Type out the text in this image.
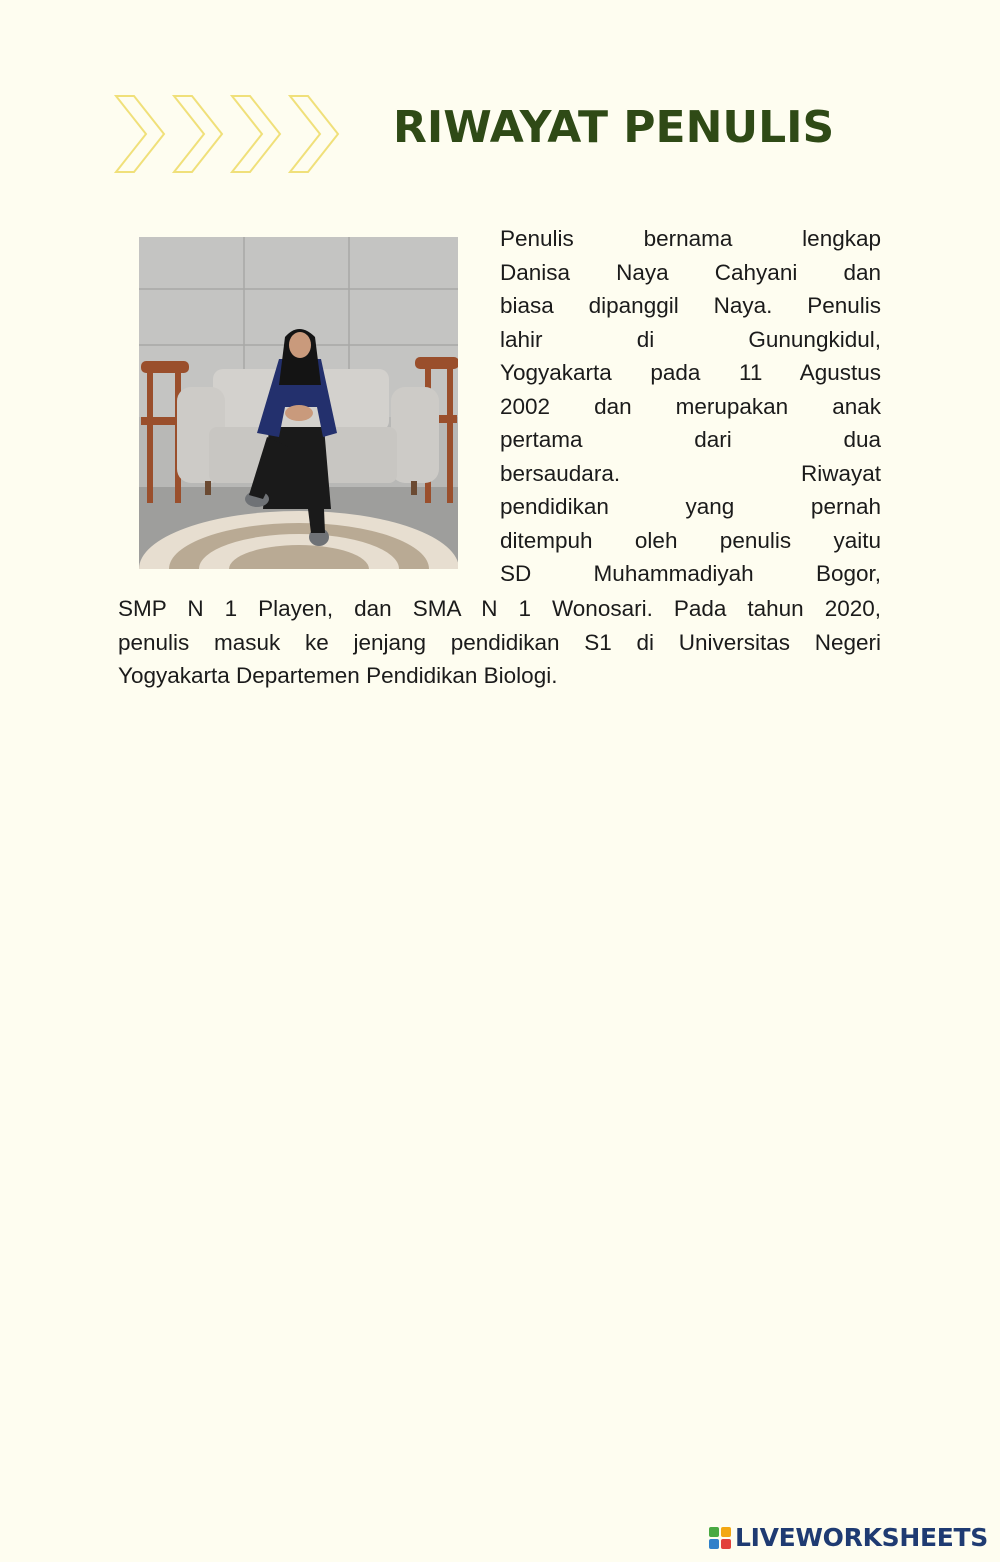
RIWAYAT PENULIS

Penulis bernama lengkap
Danisa Naya Cahyani dan
biasa dipanggil Naya. Penulis
lahir di Gunungkidul,
Yogyakarta pada 11 Agustus
2002 dan merupakan anak
pertama dari dua
bersaudara. Riwayat
pendidikan yang pernah
ditempuh oleh penulis yaitu
SD Muhammadiyah Bogor,

SMP N 1 Playen, dan SMA N 1 Wonosari. Pada tahun 2020,
penulis masuk ke jenjang pendidikan S1 di Universitas Negeri
Yogyakarta Departemen Pendidikan Biologi.

LIVEWORKSHEETS
